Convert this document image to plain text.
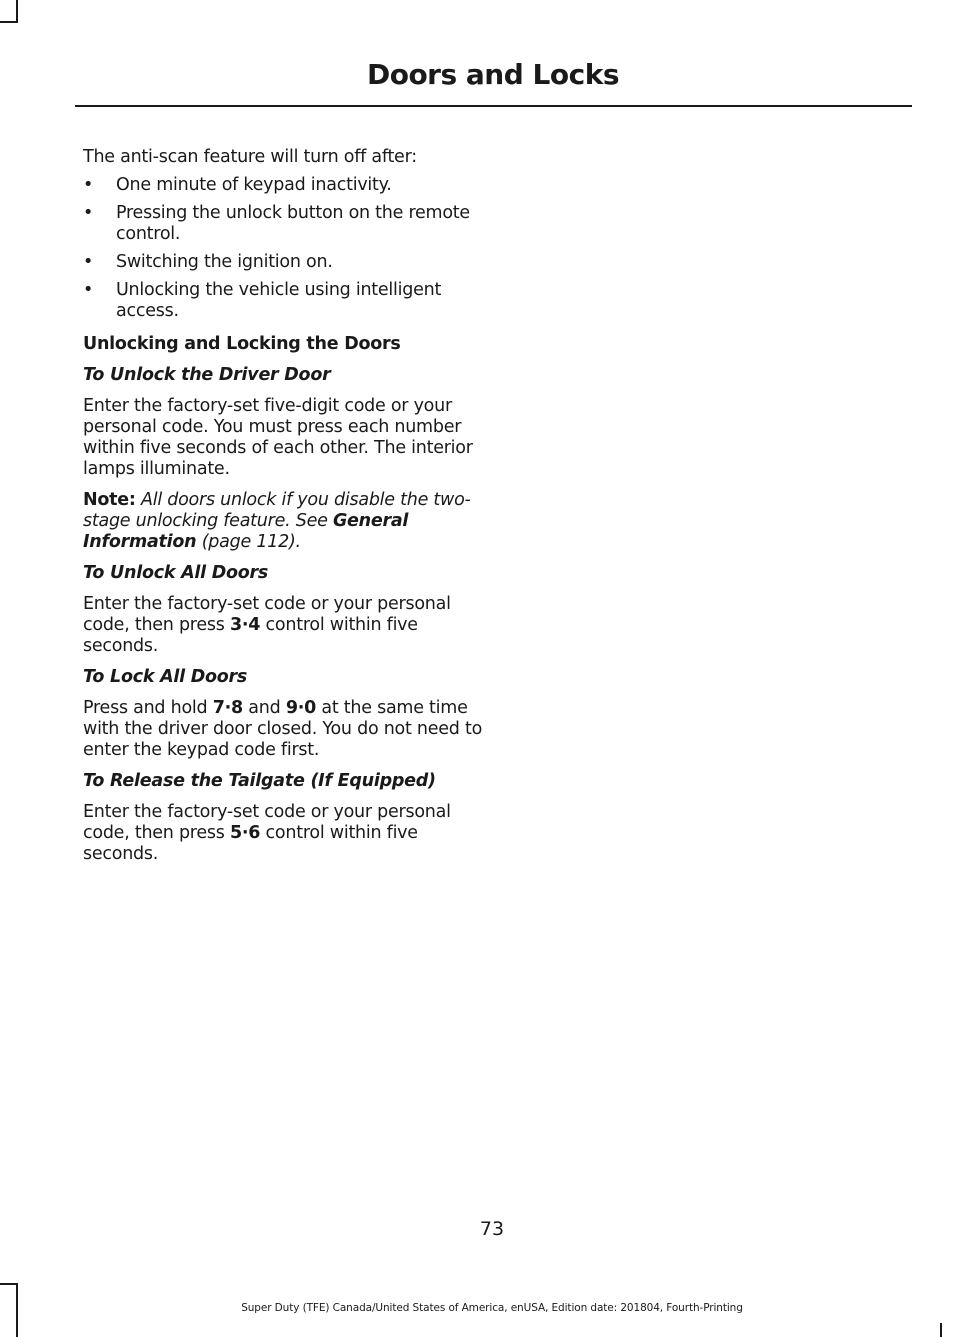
Doors and Locks

The anti-scan feature will turn off after:

• One minute of keypad inactivity.
• Pressing the unlock button on the remote control.
• Switching the ignition on.
• Unlocking the vehicle using intelligent access.

Unlocking and Locking the Doors

To Unlock the Driver Door

Enter the factory-set five-digit code or your personal code. You must press each number within five seconds of each other. The interior lamps illuminate.

Note: All doors unlock if you disable the two-stage unlocking feature. See General Information (page 112).

To Unlock All Doors

Enter the factory-set code or your personal code, then press 3·4 control within five seconds.

To Lock All Doors

Press and hold 7·8 and 9·0 at the same time with the driver door closed. You do not need to enter the keypad code first.

To Release the Tailgate (If Equipped)

Enter the factory-set code or your personal code, then press 5·6 control within five seconds.

73
Super Duty (TFE) Canada/United States of America, enUSA, Edition date: 201804, Fourth-Printing
